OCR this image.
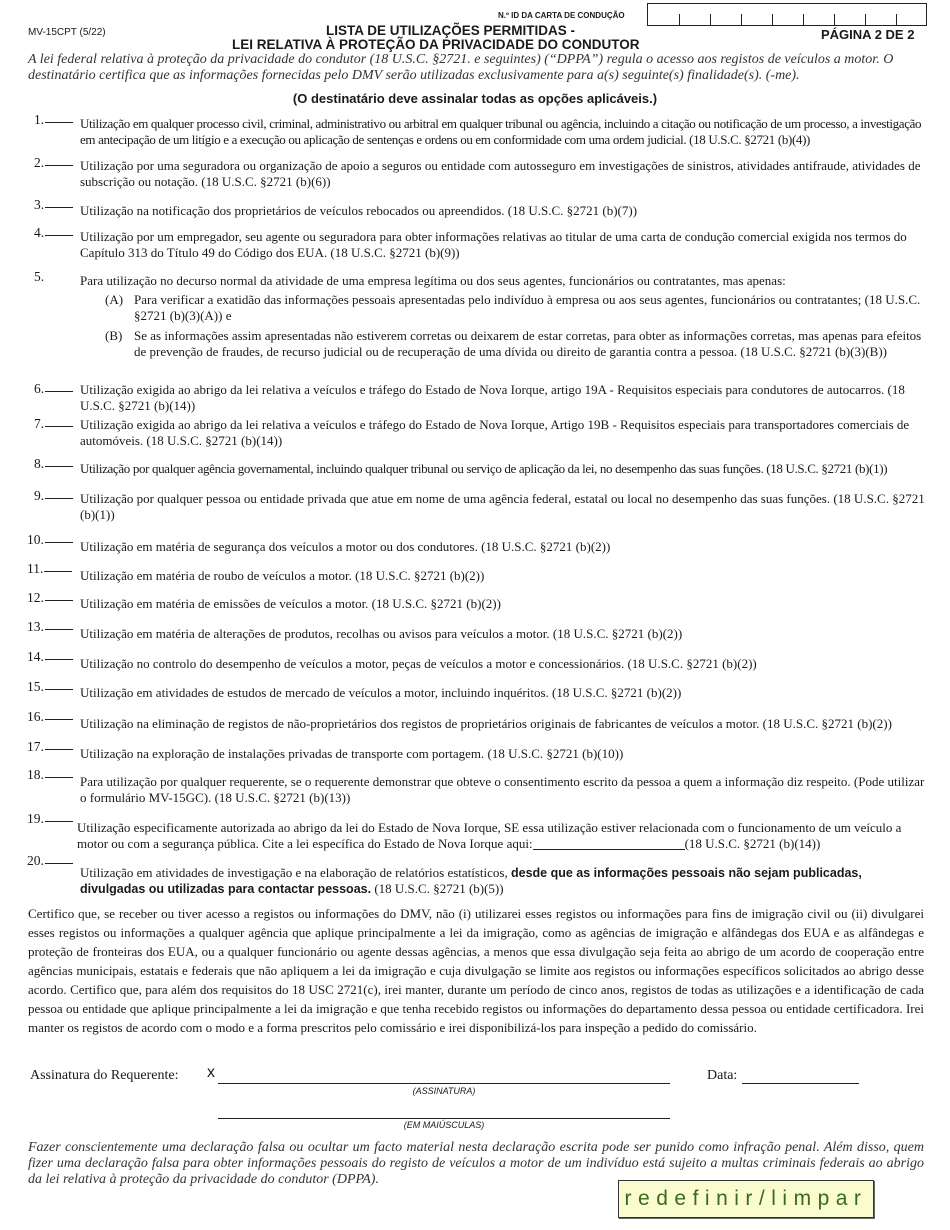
MV-15CPT (5/22)	LISTA DE UTILIZAÇÕES PERMITIDAS -
LEI RELATIVA À PROTEÇÃO DA PRIVACIDADE DO CONDUTOR
PÁGINA 2 DE 2
N.º ID DA CARTA DE CONDUÇÃO
A lei federal relativa à proteção da privacidade do condutor (18 U.S.C. §2721. e seguintes) (“DPPA”) regula o acesso aos registos de veículos a motor. O destinatário certifica que as informações fornecidas pelo DMV serão utilizadas exclusivamente para a(s) seguinte(s) finalidade(s). (-me).
(O destinatário deve assinalar todas as opções aplicáveis.)
1.	Utilização em qualquer processo civil, criminal, administrativo ou arbitral em qualquer tribunal ou agência, incluindo a citação ou notificação de um processo, a investigação em antecipação de um litígio e a execução ou aplicação de sentenças e ordens ou em conformidade com uma ordem judicial. (18 U.S.C. §2721 (b)(4))
2.	Utilização por uma seguradora ou organização de apoio a seguros ou entidade com autosseguro em investigações de sinistros, atividades antifraude, atividades de subscrição ou notação. (18 U.S.C. §2721 (b)(6))
3.	Utilização na notificação dos proprietários de veículos rebocados ou apreendidos. (18 U.S.C. §2721 (b)(7))
4.	Utilização por um empregador, seu agente ou seguradora para obter informações relativas ao titular de uma carta de condução comercial exigida nos termos do Capítulo 313 do Título 49 do Código dos EUA. (18 U.S.C. §2721 (b)(9))
5.	Para utilização no decurso normal da atividade de uma empresa legítima ou dos seus agentes, funcionários ou contratantes, mas apenas:
(A) Para verificar a exatidão das informações pessoais apresentadas pelo indivíduo à empresa ou aos seus agentes, funcionários ou contratantes; (18 U.S.C. §2721 (b)(3)(A)) e
(B) Se as informações assim apresentadas não estiverem corretas ou deixarem de estar corretas, para obter as informações corretas, mas apenas para efeitos de prevenção de fraudes, de recurso judicial ou de recuperação de uma dívida ou direito de garantia contra a pessoa. (18 U.S.C. §2721 (b)(3)(B))
6.	Utilização exigida ao abrigo da lei relativa a veículos e tráfego do Estado de Nova Iorque, artigo 19A - Requisitos especiais para condutores de autocarros. (18 U.S.C. §2721 (b)(14))
7.	Utilização exigida ao abrigo da lei relativa a veículos e tráfego do Estado de Nova Iorque, Artigo 19B - Requisitos especiais para transportadores comerciais de automóveis. (18 U.S.C. §2721 (b)(14))
8.	Utilização por qualquer agência governamental, incluindo qualquer tribunal ou serviço de aplicação da lei, no desempenho das suas funções. (18 U.S.C. §2721 (b)(1))
9.	Utilização por qualquer pessoa ou entidade privada que atue em nome de uma agência federal, estatal ou local no desempenho das suas funções. (18 U.S.C. §2721 (b)(1))
10.	Utilização em matéria de segurança dos veículos a motor ou dos condutores. (18 U.S.C. §2721 (b)(2))
11.	Utilização em matéria de roubo de veículos a motor. (18 U.S.C. §2721 (b)(2))
12.	Utilização em matéria de emissões de veículos a motor. (18 U.S.C. §2721 (b)(2))
13.	Utilização em matéria de alterações de produtos, recolhas ou avisos para veículos a motor. (18 U.S.C. §2721 (b)(2))
14.	Utilização no controlo do desempenho de veículos a motor, peças de veículos a motor e concessionários. (18 U.S.C. §2721 (b)(2))
15.	Utilização em atividades de estudos de mercado de veículos a motor, incluindo inquéritos. (18 U.S.C. §2721 (b)(2))
16.	Utilização na eliminação de registos de não-proprietários dos registos de proprietários originais de fabricantes de veículos a motor. (18 U.S.C. §2721 (b)(2))
17.	Utilização na exploração de instalações privadas de transporte com portagem. (18 U.S.C. §2721 (b)(10))
18.	Para utilização por qualquer requerente, se o requerente demonstrar que obteve o consentimento escrito da pessoa a quem a informação diz respeito. (Pode utilizar o formulário MV-15GC). (18 U.S.C. §2721 (b)(13))
19.
Utilização especificamente autorizada ao abrigo da lei do Estado de Nova Iorque, SE essa utilização estiver relacionada com o funcionamento de um veículo a motor ou com a segurança pública. Cite a lei específica do Estado de Nova Iorque aqui:	(18 U.S.C. §2721 (b)(14))
20.
Utilização em atividades de investigação e na elaboração de relatórios estatísticos, desde que as informações pessoais não sejam publicadas, divulgadas ou utilizadas para contactar pessoas. (18 U.S.C. §2721 (b)(5))
Certifico que, se receber ou tiver acesso a registos ou informações do DMV, não (i) utilizarei esses registos ou informações para fins de imigração civil ou (ii) divulgarei esses registos ou informações a qualquer agência que aplique principalmente a lei da imigração, como as agências de imigração e alfândegas dos EUA e as alfândegas e proteção de fronteiras dos EUA, ou a qualquer funcionário ou agente dessas agências, a menos que essa divulgação seja feita ao abrigo de um acordo de cooperação entre agências municipais, estatais e federais que não apliquem a lei da imigração e cuja divulgação se limite aos registos ou informações específicos solicitados ao abrigo desse acordo. Certifico que, para além dos requisitos do 18 USC 2721(c), irei manter, durante um período de cinco anos, registos de todas as utilizações e a identificação de cada pessoa ou entidade que aplique principalmente a lei da imigração e que tenha recebido registos ou informações do departamento dessa pessoa ou entidade certificadora. Irei manter os registos de acordo com o modo e a forma prescritos pelo comissário e irei disponibilizá-los para inspeção a pedido do comissário.
Assinatura do Requerente: x
(ASSINATURA)
(EM MAIÚSCULAS)
Data:
Fazer conscientemente uma declaração falsa ou ocultar um facto material nesta declaração escrita pode ser punido como infração penal. Além disso, quem fizer uma declaração falsa para obter informações pessoais do registo de veículos a motor de um indivíduo está sujeito a multas criminais federais ao abrigo da lei relativa à proteção da privacidade do condutor (DPPA).
redefinir/limpar
